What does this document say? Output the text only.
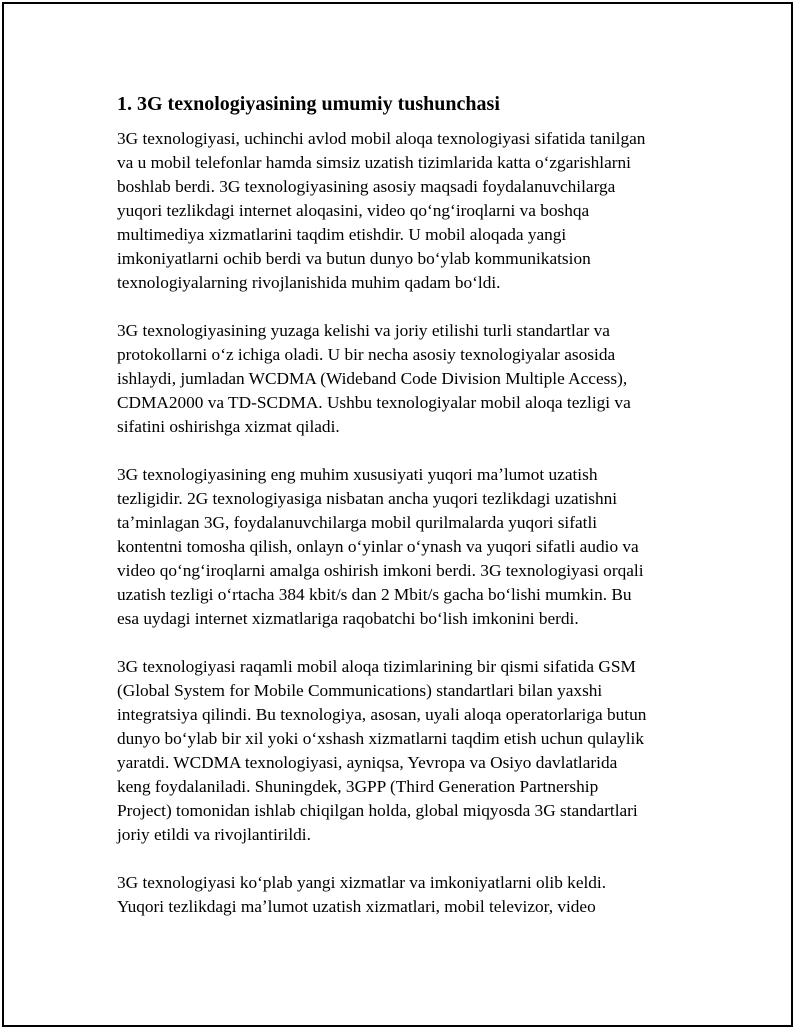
1. 3G texnologiyasining umumiy tushunchasi

3G texnologiyasi, uchinchi avlod mobil aloqa texnologiyasi sifatida tanilgan
va u mobil telefonlar hamda simsiz uzatish tizimlarida katta oʻzgarishlarni
boshlab berdi. 3G texnologiyasining asosiy maqsadi foydalanuvchilarga
yuqori tezlikdagi internet aloqasini, video qoʻngʻiroqlarni va boshqa
multimediya xizmatlarini taqdim etishdir. U mobil aloqada yangi
imkoniyatlarni ochib berdi va butun dunyo boʻylab kommunikatsion
texnologiyalarning rivojlanishida muhim qadam boʻldi.

3G texnologiyasining yuzaga kelishi va joriy etilishi turli standartlar va
protokollarni oʻz ichiga oladi. U bir necha asosiy texnologiyalar asosida
ishlaydi, jumladan WCDMA (Wideband Code Division Multiple Access),
CDMA2000 va TD-SCDMA. Ushbu texnologiyalar mobil aloqa tezligi va
sifatini oshirishga xizmat qiladi.

3G texnologiyasining eng muhim xususiyati yuqori maʼlumot uzatish
tezligidir. 2G texnologiyasiga nisbatan ancha yuqori tezlikdagi uzatishni
taʼminlagan 3G, foydalanuvchilarga mobil qurilmalarda yuqori sifatli
kontentni tomosha qilish, onlayn oʻyinlar oʻynash va yuqori sifatli audio va
video qoʻngʻiroqlarni amalga oshirish imkoni berdi. 3G texnologiyasi orqali
uzatish tezligi oʻrtacha 384 kbit/s dan 2 Mbit/s gacha boʻlishi mumkin. Bu
esa uydagi internet xizmatlariga raqobatchi boʻlish imkonini berdi.

3G texnologiyasi raqamli mobil aloqa tizimlarining bir qismi sifatida GSM
(Global System for Mobile Communications) standartlari bilan yaxshi
integratsiya qilindi. Bu texnologiya, asosan, uyali aloqa operatorlariga butun
dunyo boʻylab bir xil yoki oʻxshash xizmatlarni taqdim etish uchun qulaylik
yaratdi. WCDMA texnologiyasi, ayniqsa, Yevropa va Osiyo davlatlarida
keng foydalaniladi. Shuningdek, 3GPP (Third Generation Partnership
Project) tomonidan ishlab chiqilgan holda, global miqyosda 3G standartlari
joriy etildi va rivojlantirildi.

3G texnologiyasi koʻplab yangi xizmatlar va imkoniyatlarni olib keldi.
Yuqori tezlikdagi maʼlumot uzatish xizmatlari, mobil televizor, video
